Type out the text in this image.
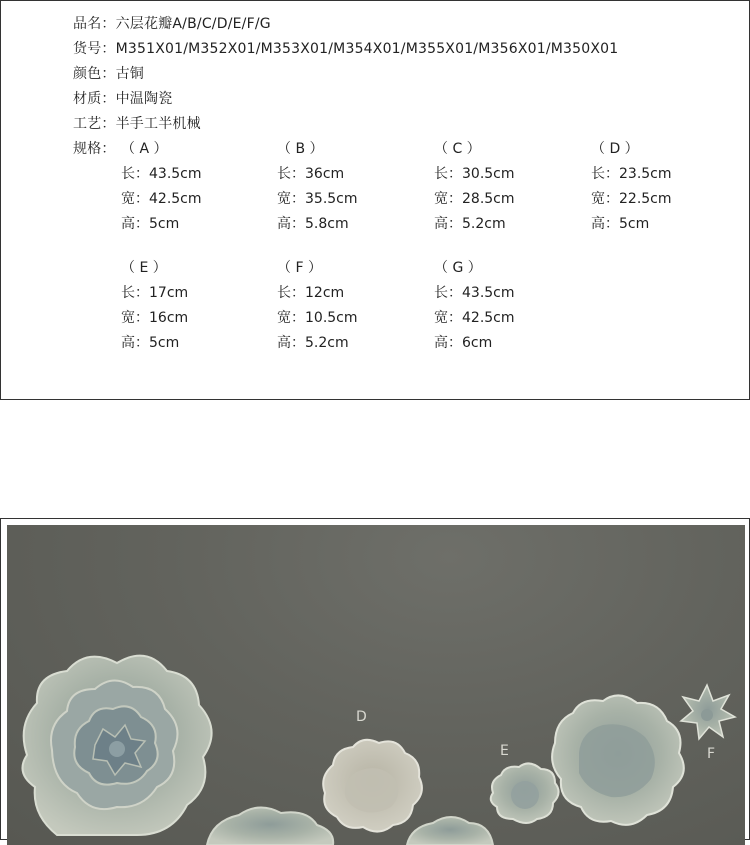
品名：六层花瓣A/B/C/D/E/F/G
货号：M351X01/M352X01/M353X01/M354X01/M355X01/M356X01/M350X01
颜色：古铜
材质：中温陶瓷
工艺：半手工半机械
规格： （ A ）
长：43.5cm
宽：42.5cm
高：5cm
（ B ）
长：36cm
宽：35.5cm
高：5.8cm
（ C ）
长：30.5cm
宽：28.5cm
高：5.2cm
（ D ）
长：23.5cm
宽：22.5cm
高：5cm
（ E ）
长：17cm
宽：16cm
高：5cm
（ F ）
长：12cm
宽：10.5cm
高：5.2cm
（ G ）
长：43.5cm
宽：42.5cm
高：6cm
D
E	F
